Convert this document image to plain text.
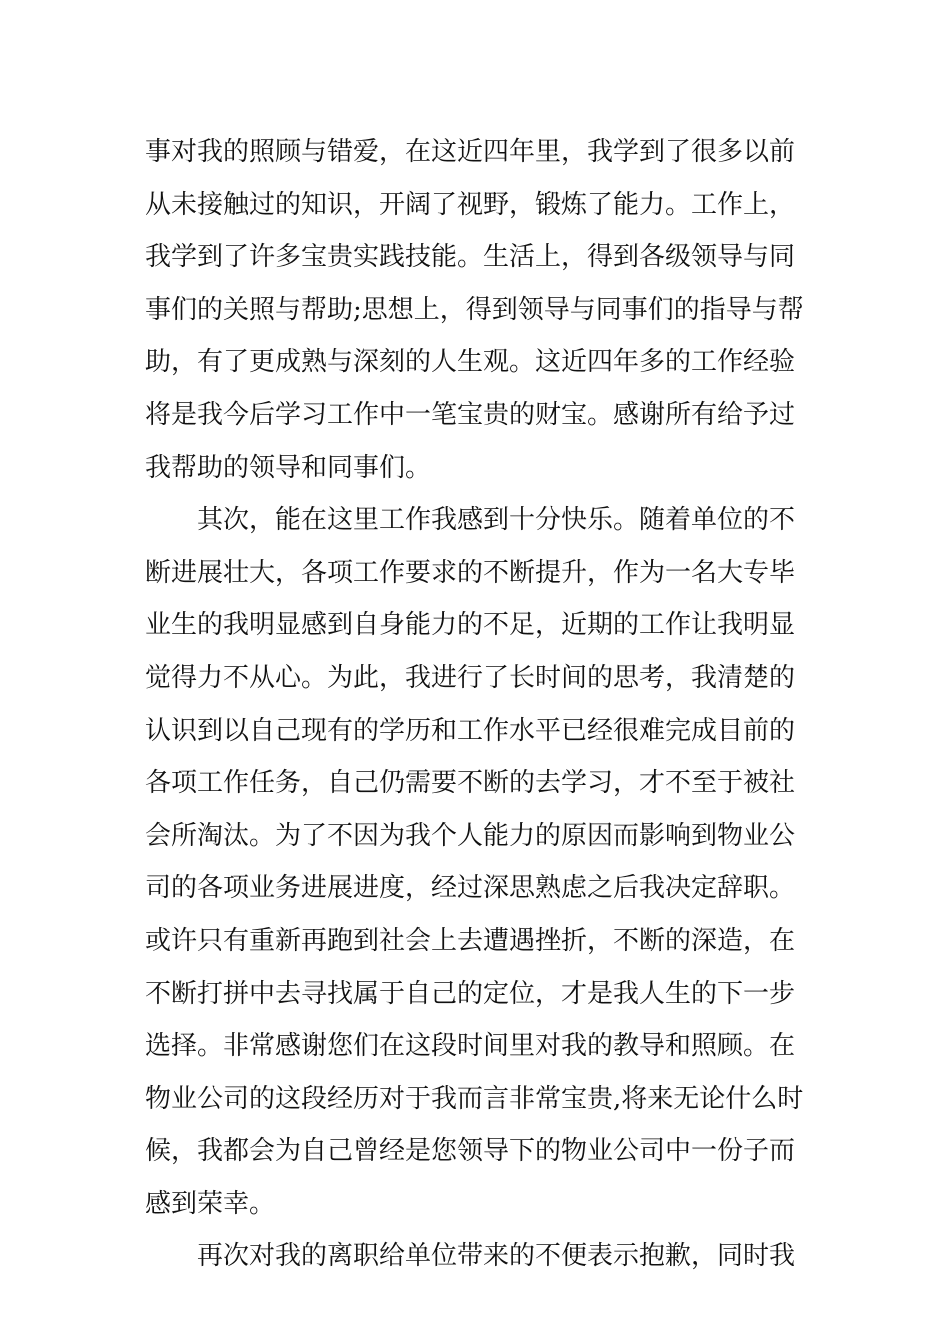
事对我的照顾与错爱，在这近四年里，我学到了很多以前
从未接触过的知识，开阔了视野，锻炼了能力。工作上，
我学到了许多宝贵实践技能。生活上，得到各级领导与同
事们的关照与帮助;思想上，得到领导与同事们的指导与帮
助，有了更成熟与深刻的人生观。这近四年多的工作经验
将是我今后学习工作中一笔宝贵的财宝。感谢所有给予过
我帮助的领导和同事们。
其次，能在这里工作我感到十分快乐。随着单位的不
断进展壮大，各项工作要求的不断提升，作为一名大专毕
业生的我明显感到自身能力的不足，近期的工作让我明显
觉得力不从心。为此，我进行了长时间的思考，我清楚的
认识到以自己现有的学历和工作水平已经很难完成目前的
各项工作任务，自己仍需要不断的去学习，才不至于被社
会所淘汰。为了不因为我个人能力的原因而影响到物业公
司的各项业务进展进度，经过深思熟虑之后我决定辞职。
或许只有重新再跑到社会上去遭遇挫折，不断的深造，在
不断打拼中去寻找属于自己的定位，才是我人生的下一步
选择。非常感谢您们在这段时间里对我的教导和照顾。在
物业公司的这段经历对于我而言非常宝贵,将来无论什么时
候，我都会为自己曾经是您领导下的物业公司中一份子而
感到荣幸。
再次对我的离职给单位带来的不便表示抱歉，同时我
